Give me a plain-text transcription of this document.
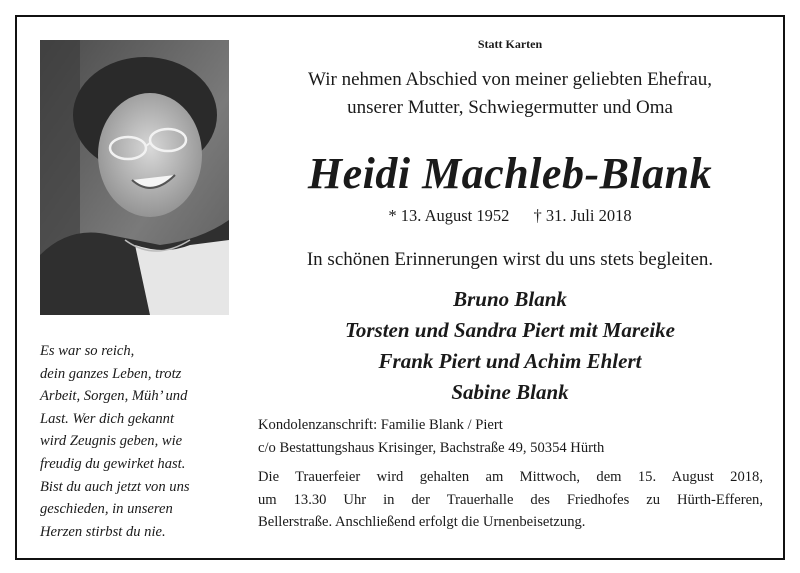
Es war so reich,
dein ganzes Leben, trotz
Arbeit, Sorgen, Müh’ und
Last. Wer dich gekannt
wird Zeugnis geben, wie
freudig du gewirket hast.
Bist du auch jetzt von uns
geschieden, in unseren
Herzen stirbst du nie.
Statt Karten
Wir nehmen Abschied von meiner geliebten Ehefrau,
unserer Mutter, Schwiegermutter und Oma
Heidi Machleb-Blank
* 13. August 1952 † 31. Juli 2018
In schönen Erinnerungen wirst du uns stets begleiten.
Bruno Blank
Torsten und Sandra Piert mit Mareike
Frank Piert und Achim Ehlert
Sabine Blank
Kondolenzanschrift: Familie Blank / Piert
c/o Bestattungshaus Krisinger, Bachstraße 49, 50354 Hürth
Die Trauerfeier wird gehalten am Mittwoch, dem 15. August 2018,
um 13.30 Uhr in der Trauerhalle des Friedhofes zu Hürth-Efferen,
Bellerstraße. Anschließend erfolgt die Urnenbeisetzung.
